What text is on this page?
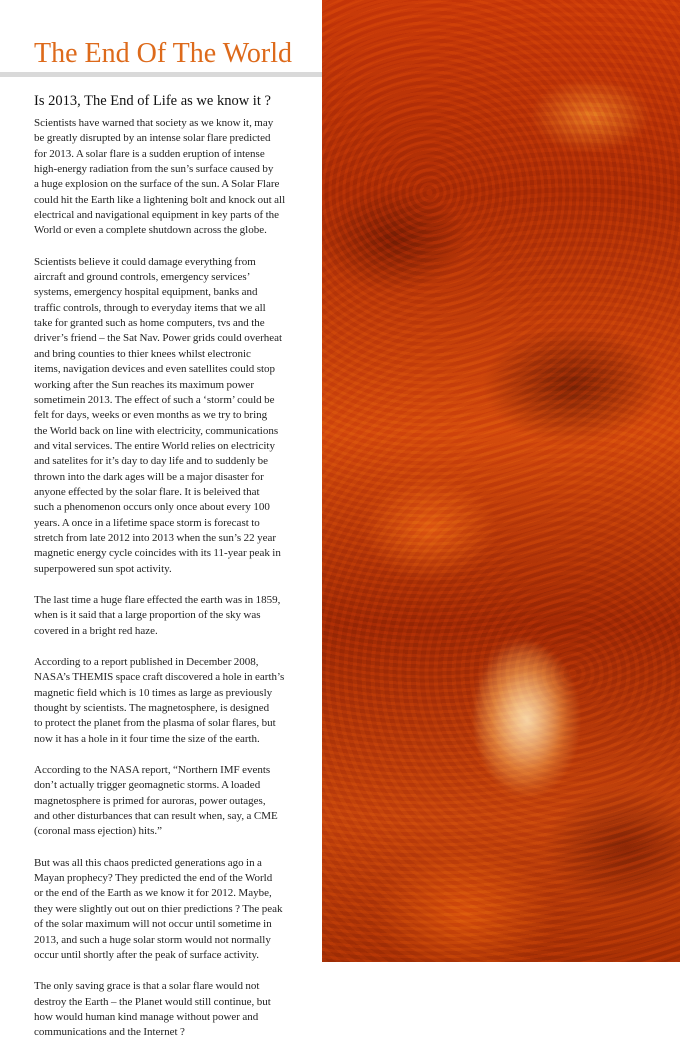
The End Of The World
Is 2013, The End of Life as we know it ?

Scientists have warned that society as we know it, may
be greatly disrupted by an intense solar flare predicted
for 2013. A solar flare is a sudden eruption of intense
high-energy radiation from the sun’s surface caused by
a huge explosion on the surface of the sun. A Solar Flare
could hit the Earth like a lightening bolt and knock out all
electrical and navigational equipment in key parts of the
World or even a complete shutdown across the globe.

Scientists believe it could damage everything from
aircraft and ground controls, emergency services’
systems, emergency hospital equipment, banks and
traffic controls, through to everyday items that we all
take for granted such as home computers, tvs and the
driver’s friend – the Sat Nav. Power grids could overheat
and bring counties to thier knees whilst electronic
items, navigation devices and even satellites could stop
working after the Sun reaches its maximum power
sometimein 2013. The effect of such a ‘storm’ could be
felt for days, weeks or even months as we try to bring
the World back on line with electricity, communications
and vital services. The entire World relies on electricity
and satelites for it’s day to day life and to suddenly be
thrown into the dark ages will be a major disaster for
anyone effected by the solar flare. It is beleived that
such a phenomenon occurs only once about every 100
years. A once in a lifetime space storm is forecast to
stretch from late 2012 into 2013 when the sun’s 22 year
magnetic energy cycle coincides with its 11-year peak in
superpowered sun spot activity.

The last time a huge flare effected the earth was in 1859,
when is it said that a large proportion of the sky was
covered in a bright red haze.

According to a report published in December 2008,
NASA’s THEMIS space craft discovered a hole in earth’s
magnetic field which is 10 times as large as previously
thought by scientists. The magnetosphere, is designed
to protect the planet from the plasma of solar flares, but
now it has a hole in it four time the size of the earth.

According to the NASA report, “Northern IMF events
don’t actually trigger geomagnetic storms. A loaded
magnetosphere is primed for auroras, power outages,
and other disturbances that can result when, say, a CME
(coronal mass ejection) hits.”

But was all this chaos predicted generations ago in a
Mayan prophecy? They predicted the end of the World
or the end of the Earth as we know it for 2012. Maybe,
they were slightly out out on thier predictions ? The peak
of the solar maximum will not occur until sometime in
2013, and such a huge solar storm would not normally
occur until shortly after the peak of surface activity.

The only saving grace is that a solar flare would not
destroy the Earth – the Planet would still continue, but
how would human kind manage without power and
communications and the Internet ?
